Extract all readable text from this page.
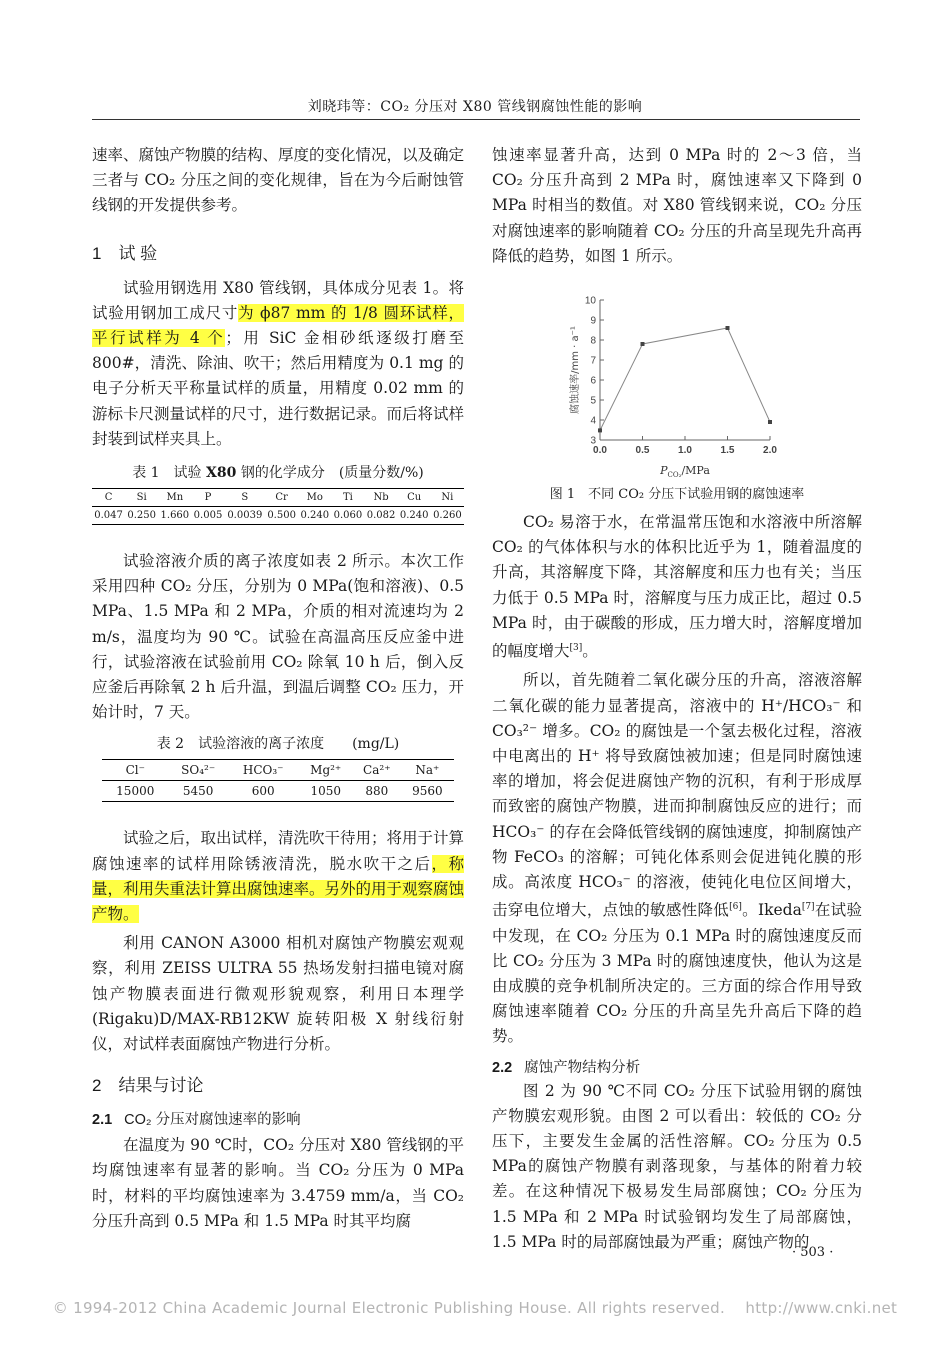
刘晓玮等：CO₂ 分压对 X80 管线钢腐蚀性能的影响

速率、腐蚀产物膜的结构、厚度的变化情况，以及确定三者与 CO₂ 分压之间的变化规律，旨在为今后耐蚀管线钢的开发提供参考。

1　试 验

试验用钢选用 X80 管线钢，具体成分见表 1。将试验用钢加工成尺寸为 ϕ87 mm 的 1/8 圆环试样，平行试样为 4 个；用 SiC 金相砂纸逐级打磨至 800#，清洗、除油、吹干；然后用精度为 0.1 mg 的电子分析天平称量试样的质量，用精度 0.02 mm 的游标卡尺测量试样的尺寸，进行数据记录。而后将试样封装到试样夹具上。

表 1　试验 X80 钢的化学成分　(质量分数/%)

C	Si	Mn	P	S	Cr	Mo	Ti	Nb	Cu	Ni
0.047	0.250	1.660	0.005	0.0039	0.500	0.240	0.060	0.082	0.240	0.260

试验溶液介质的离子浓度如表 2 所示。本次工作采用四种 CO₂ 分压，分别为 0 MPa(饱和溶液)、0.5 MPa、1.5 MPa 和 2 MPa，介质的相对流速均为 2 m/s，温度均为 90 ℃。试验在高温高压反应釜中进行，试验溶液在试验前用 CO₂ 除氧 10 h 后，倒入反应釜后再除氧 2 h 后升温，到温后调整 CO₂ 压力，开始计时，7 天。

表 2　试验溶液的离子浓度　　(mg/L)

Cl⁻	SO₄²⁻	HCO₃⁻	Mg²⁺	Ca²⁺	Na⁺
15000	5450	600	1050	880	9560

试验之后，取出试样，清洗吹干待用；将用于计算腐蚀速率的试样用除锈液清洗，脱水吹干之后，称量，利用失重法计算出腐蚀速率。另外的用于观察腐蚀产物。

利用 CANON A3000 相机对腐蚀产物膜宏观观察，利用 ZEISS ULTRA 55 热场发射扫描电镜对腐蚀产物膜表面进行微观形貌观察，利用日本理学(Rigaku)D/MAX-RB12KW 旋转阳极 X 射线衍射仪，对试样表面腐蚀产物进行分析。

2　结果与讨论

2.1 CO₂ 分压对腐蚀速率的影响

在温度为 90 ℃时，CO₂ 分压对 X80 管线钢的平均腐蚀速率有显著的影响。当 CO₂ 分压为 0 MPa时，材料的平均腐蚀速率为 3.4759 mm/a，当 CO₂ 分压升高到 0.5 MPa 和 1.5 MPa 时其平均腐

蚀速率显著升高，达到 0 MPa 时的 2～3 倍，当 CO₂ 分压升高到 2 MPa 时，腐蚀速率又下降到 0 MPa 时相当的数值。对 X80 管线钢来说，CO₂ 分压对腐蚀速率的影响随着 CO₂ 分压的升高呈现先升高再降低的趋势，如图 1 所示。

0.0	0.5	1.0	1.5	2.0
3
4
5
6
7
8
9
10
腐蚀速率/mm · a⁻¹
$P_{CO_2}$/MPa
图 1　不同 CO₂ 分压下试验用钢的腐蚀速率

CO₂ 易溶于水，在常温常压饱和水溶液中所溶解 CO₂ 的气体体积与水的体积比近乎为 1，随着温度的升高，其溶解度下降，其溶解度和压力也有关；当压力低于 0.5 MPa 时，溶解度与压力成正比，超过 0.5 MPa 时，由于碳酸的形成，压力增大时，溶解度增加的幅度增大[3]。

所以，首先随着二氧化碳分压的升高，溶液溶解二氧化碳的能力显著提高，溶液中的 H⁺/HCO₃⁻ 和 CO₃²⁻ 增多。CO₂ 的腐蚀是一个氢去极化过程，溶液中电离出的 H⁺ 将导致腐蚀被加速；但是同时腐蚀速率的增加，将会促进腐蚀产物的沉积，有利于形成厚而致密的腐蚀产物膜，进而抑制腐蚀反应的进行；而 HCO₃⁻ 的存在会降低管线钢的腐蚀速度，抑制腐蚀产物 FeCO₃ 的溶解；可钝化体系则会促进钝化膜的形成。高浓度 HCO₃⁻ 的溶液，使钝化电位区间增大，击穿电位增大，点蚀的敏感性降低[6]。Ikeda[7]在试验中发现，在 CO₂ 分压为 0.1 MPa 时的腐蚀速度反而比 CO₂ 分压为 3 MPa 时的腐蚀速度快，他认为这是由成膜的竞争机制所决定的。三方面的综合作用导致腐蚀速率随着 CO₂ 分压的升高呈先升高后下降的趋势。

2.2 腐蚀产物结构分析

图 2 为 90 ℃不同 CO₂ 分压下试验用钢的腐蚀产物膜宏观形貌。由图 2 可以看出：较低的 CO₂ 分压下，主要发生金属的活性溶解。CO₂ 分压为 0.5 MPa的腐蚀产物膜有剥落现象，与基体的附着力较差。在这种情况下极易发生局部腐蚀；CO₂ 分压为 1.5 MPa 和 2 MPa 时试验钢均发生了局部腐蚀，1.5 MPa 时的局部腐蚀最为严重；腐蚀产物的

· 503 ·
© 1994-2012 China Academic Journal Electronic Publishing House. All rights reserved.　 http://www.cnki.net
